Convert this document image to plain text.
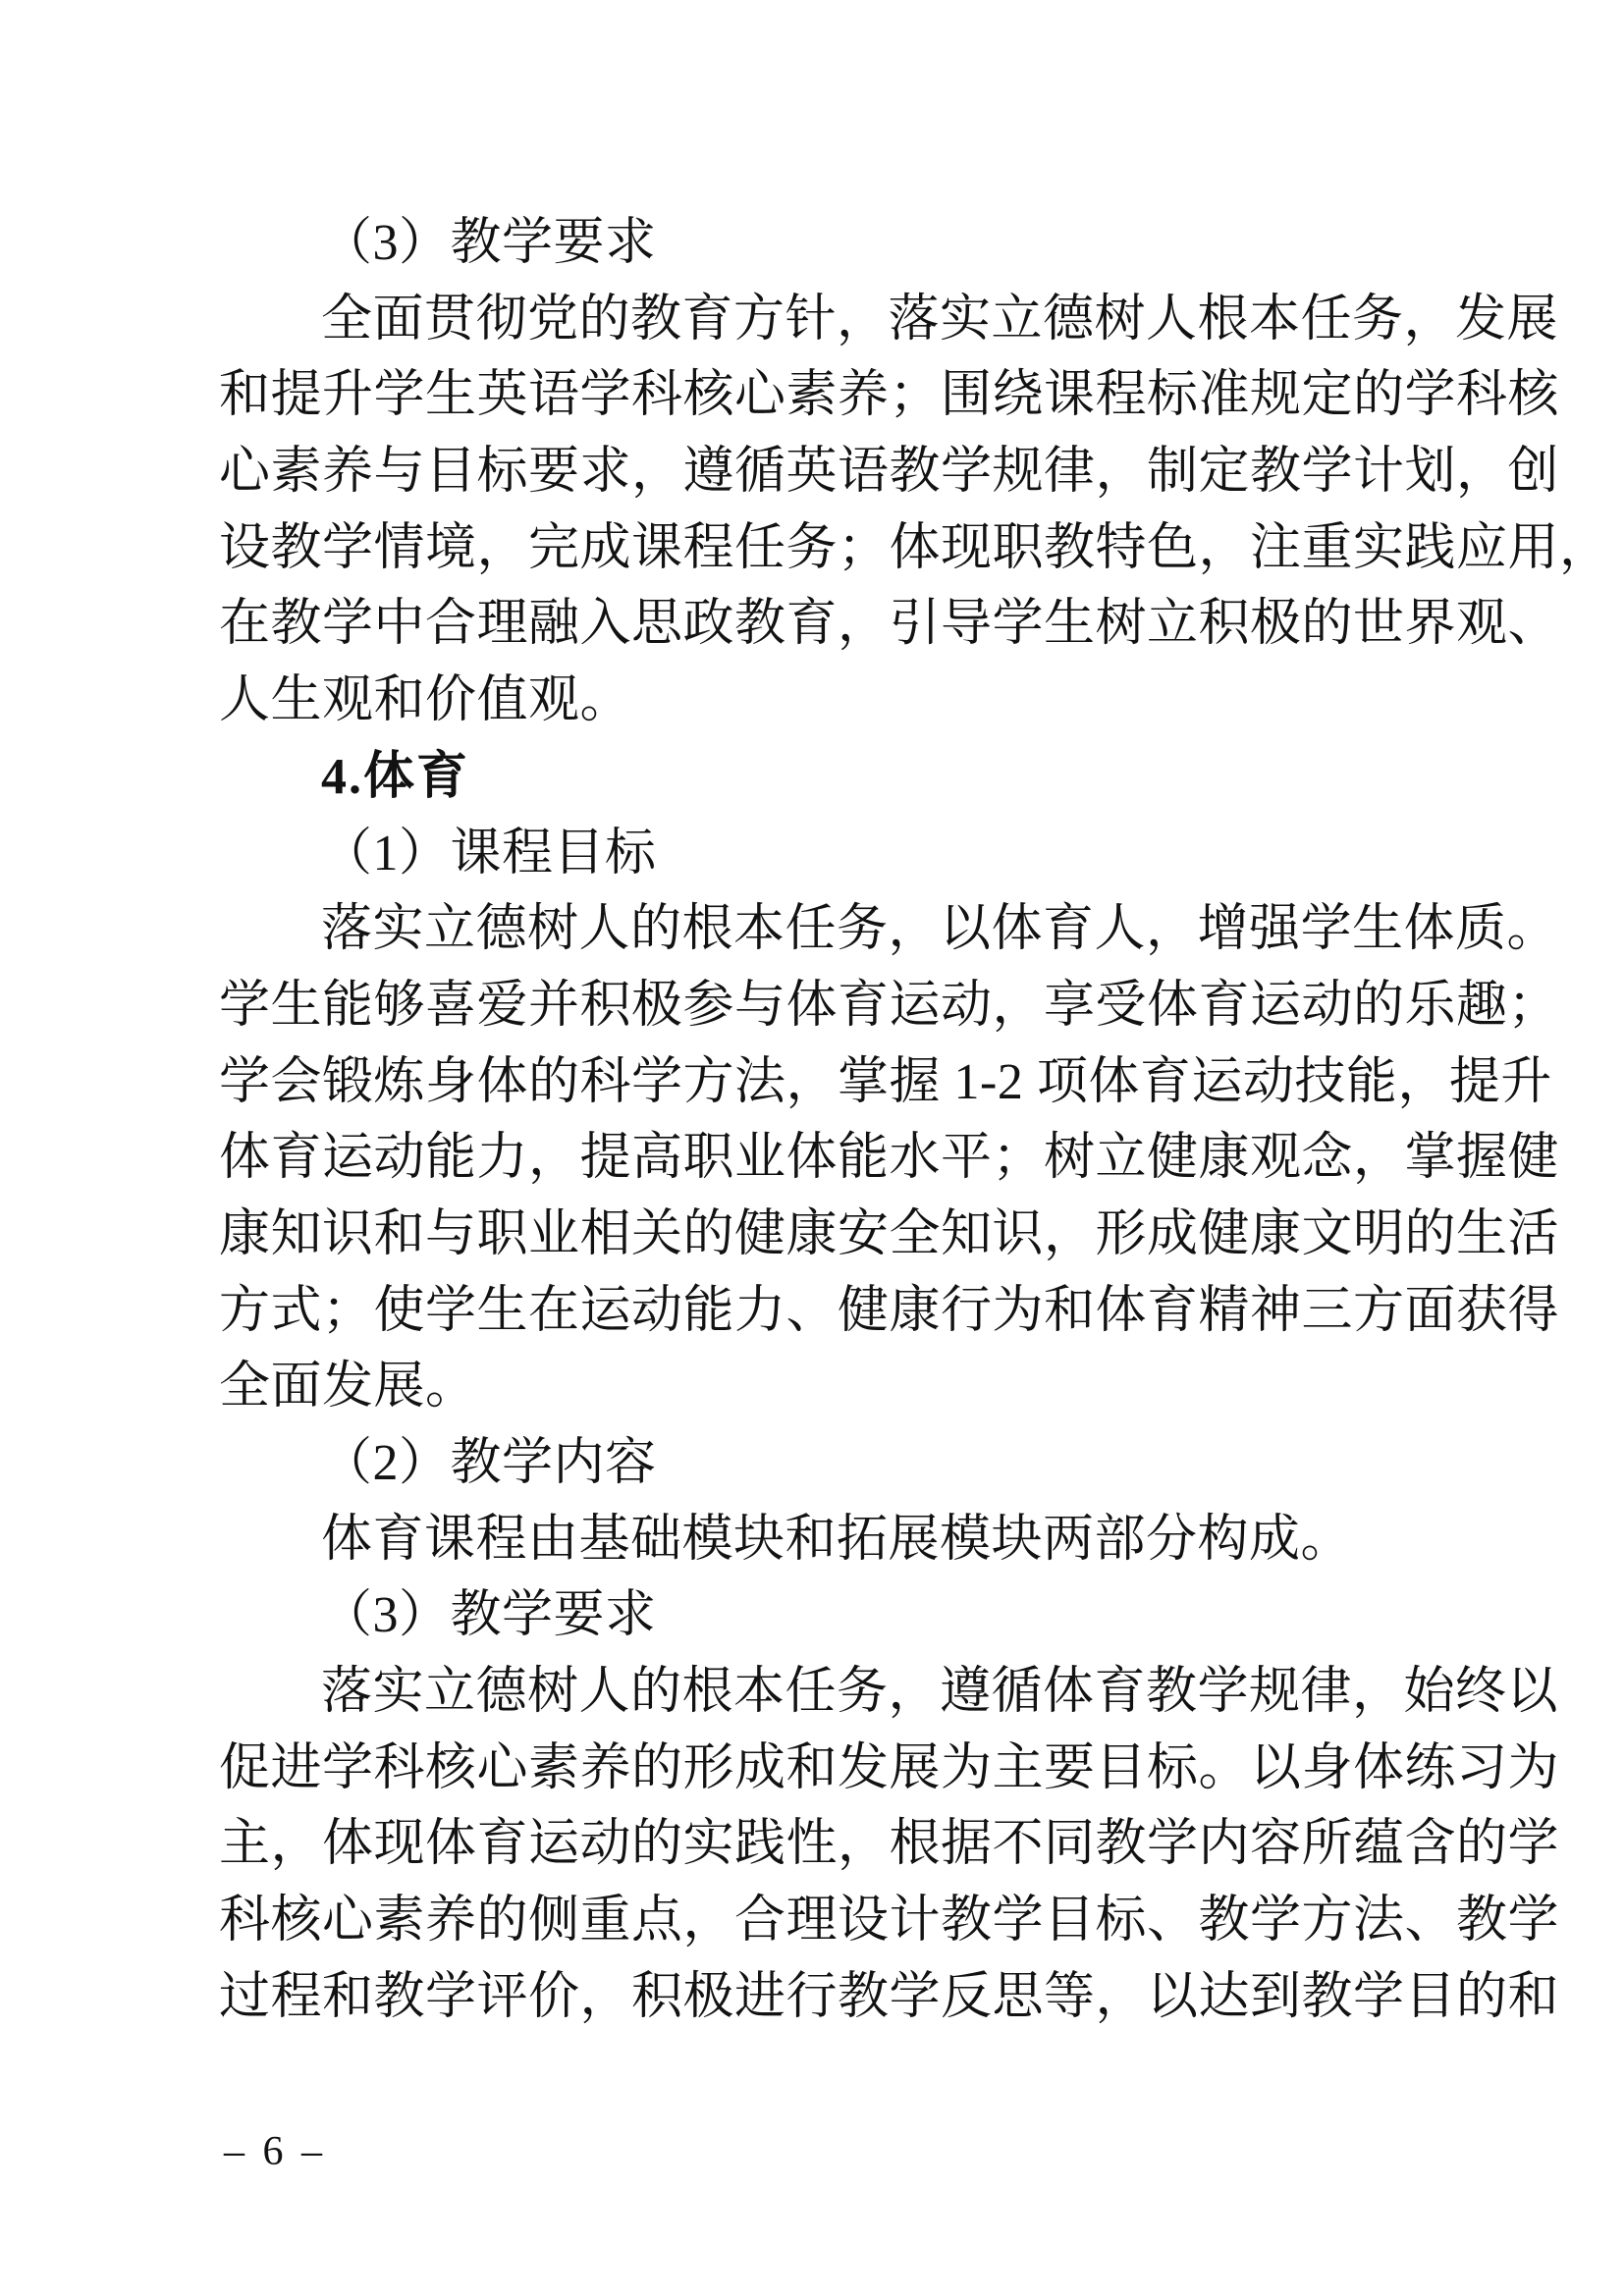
（3）教学要求
全面贯彻党的教育方针，落实立德树人根本任务，发展
和提升学生英语学科核心素养；围绕课程标准规定的学科核
心素养与目标要求，遵循英语教学规律，制定教学计划，创
设教学情境，完成课程任务；体现职教特色，注重实践应用，
在教学中合理融入思政教育，引导学生树立积极的世界观、
人生观和价值观。
4.体育
（1）课程目标
落实立德树人的根本任务，以体育人，增强学生体质。
学生能够喜爱并积极参与体育运动，享受体育运动的乐趣；
学会锻炼身体的科学方法，掌握 1-2 项体育运动技能，提升
体育运动能力，提高职业体能水平；树立健康观念，掌握健
康知识和与职业相关的健康安全知识，形成健康文明的生活
方式；使学生在运动能力、健康行为和体育精神三方面获得
全面发展。
（2）教学内容
体育课程由基础模块和拓展模块两部分构成。
（3）教学要求
落实立德树人的根本任务，遵循体育教学规律，始终以
促进学科核心素养的形成和发展为主要目标。以身体练习为
主，体现体育运动的实践性，根据不同教学内容所蕴含的学
科核心素养的侧重点，合理设计教学目标、教学方法、教学
过程和教学评价，积极进行教学反思等，以达到教学目的和
– 6 –
